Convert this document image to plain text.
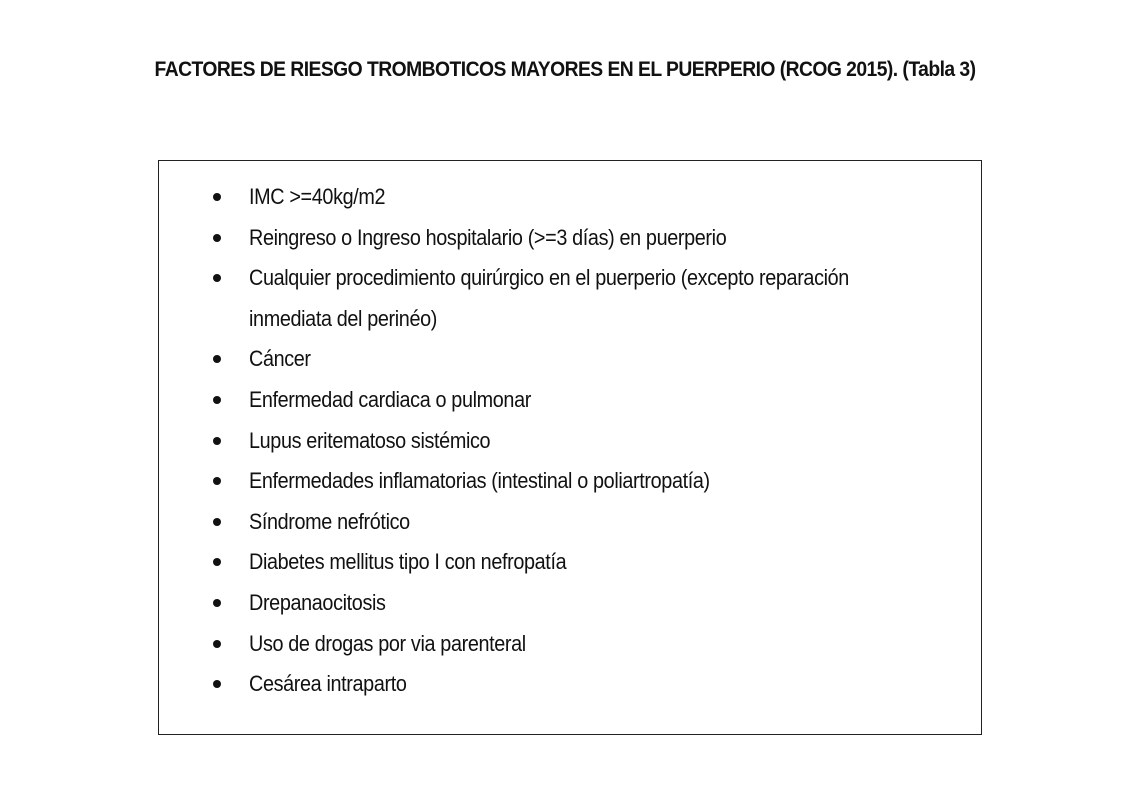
FACTORES DE RIESGO TROMBOTICOS MAYORES EN EL PUERPERIO (RCOG 2015). (Tabla 3)
IMC >=40kg/m2
Reingreso o Ingreso hospitalario (>=3 días) en puerperio
Cualquier procedimiento quirúrgico en el puerperio (excepto reparación
inmediata del perinéo)
Cáncer
Enfermedad cardiaca o pulmonar
Lupus eritematoso sistémico
Enfermedades inflamatorias (intestinal o poliartropatía)
Síndrome nefrótico
Diabetes mellitus tipo I con nefropatía
Drepanaocitosis
Uso de drogas por via parenteral
Cesárea intraparto
